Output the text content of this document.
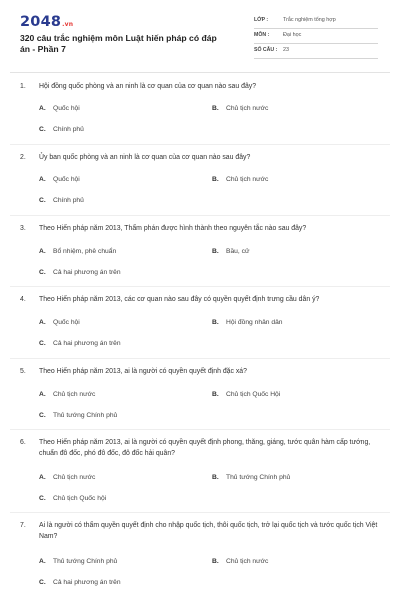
2048.vn
320 câu trắc nghiệm môn Luật hiến pháp có đáp án - Phần 7
LỚP :	Trắc nghiệm tổng hợp
MÔN :	Đại học
SỐ CÂU : 23
1. Hội đồng quốc phòng và an ninh là cơ quan của cơ quan nào sau đây?
A. Quốc hội	B. Chủ tịch nước
C. Chính phủ
2. Ủy ban quốc phòng và an ninh là cơ quan của cơ quan nào sau đây?
A. Quốc hội	B. Chủ tịch nước
C. Chính phủ
3. Theo Hiến pháp năm 2013, Thẩm phán được hình thành theo nguyên tắc nào sau đây?
A. Bổ nhiệm, phê chuẩn	B. Bầu, cử
C. Cả hai phương án trên
4. Theo Hiến pháp năm 2013, các cơ quan nào sau đây có quyền quyết định trưng cầu dân ý?
A. Quốc hội	B. Hội đồng nhân dân
C. Cả hai phương án trên
5. Theo Hiến pháp năm 2013, ai là người có quyền quyết định đặc xá?
A. Chủ tịch nước	B. Chủ tịch Quốc Hội
C. Thủ tướng Chính phủ
6. Theo Hiến pháp năm 2013, ai là người có quyền quyết định phong, thăng, giáng, tước quân hàm cấp tướng, chuẩn đô đốc, phó đô đốc, đô đốc hải quân?
A. Chủ tịch nước	B. Thủ tướng Chính phủ
C. Chủ tịch Quốc hội
7. Ai là người có thẩm quyền quyết định cho nhập quốc tịch, thôi quốc tịch, trở lại quốc tịch và tước quốc tịch Việt Nam?
A. Thủ tướng Chính phủ	B. Chủ tịch nước
C. Cả hai phương án trên
